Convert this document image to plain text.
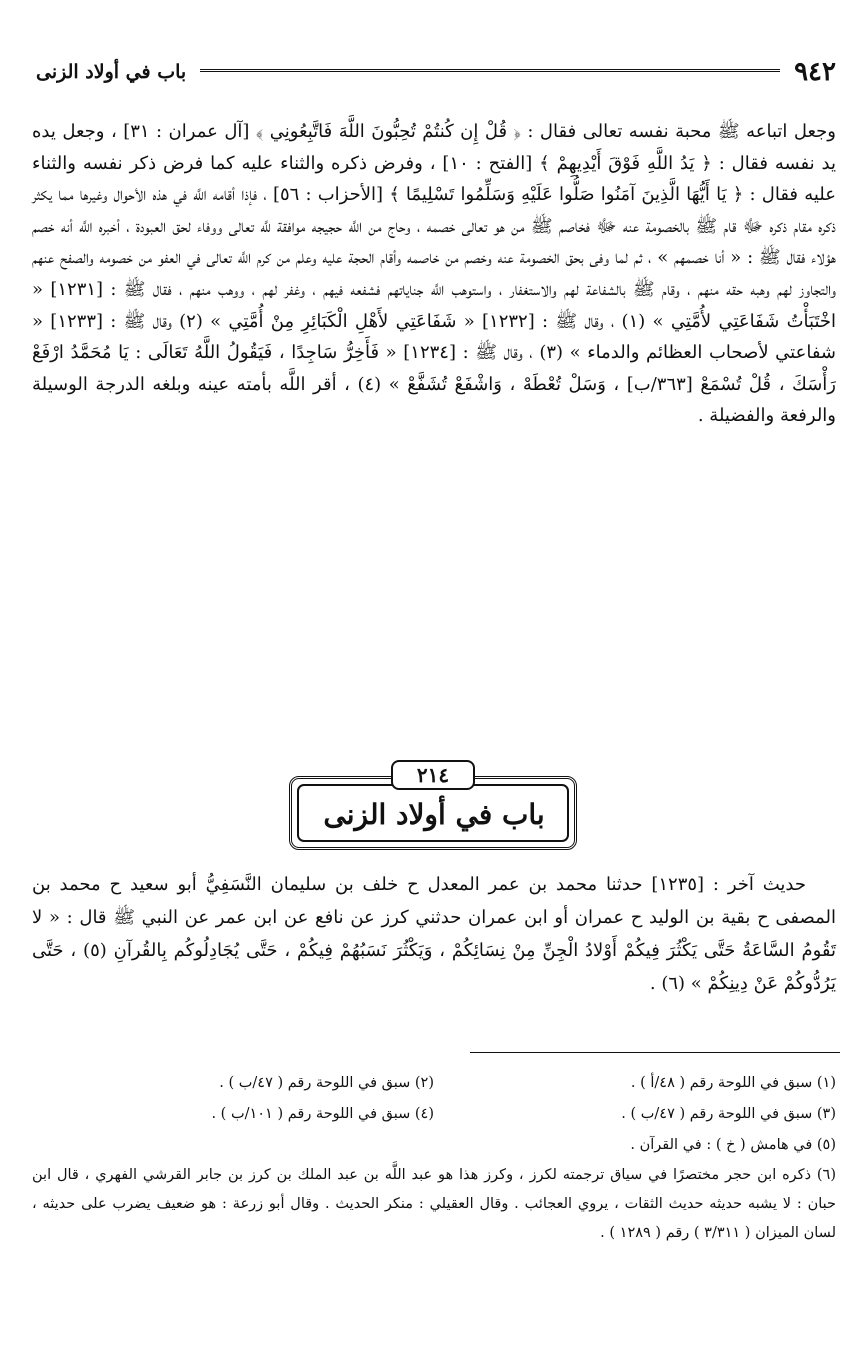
٩٤٢
باب في أولاد الزنى

وجعل اتباعه ﷺ محبة نفسه تعالى فقال : ﴿ قُلْ إِن كُنتُمْ تُحِبُّونَ اللَّهَ فَاتَّبِعُونِي ﴾ [آل عمران : ٣١] ، وجعل يده يد نفسه فقال : ﴿ يَدُ اللَّهِ فَوْقَ أَيْدِيهِمْ ﴾ [الفتح : ١٠] ، وفرض ذكره والثناء عليه كما فرض ذكر نفسه والثناء عليه فقال : ﴿ يَا أَيُّهَا الَّذِينَ آمَنُوا صَلُّوا عَلَيْهِ وَسَلِّمُوا تَسْلِيمًا ﴾ [الأحزاب : ٥٦] ، فإذا أقامه اللَّه في هذه الأحوال وغيرها مما يكثر ذكره مقام ذكره ﷻ قام ﷺ بالخصومة عنه ﷻ فخاصم ﷺ من هو تعالى خصمه ، وحاج من اللَّه حجيجه موافقة للَّه تعالى ووفاء لحق العبودة ، أخبره اللَّه أنه خصم هؤلاء فقال ﷺ : « أنا خصمهم » ، ثم لما وفى بحق الخصومة عنه وخصم من خاصمه وأقام الحجة عليه وعلم من كرم اللَّه تعالى في العفو من خصومه والصفح عنهم والتجاوز لهم وهبه حقه منهم ، وقام ﷺ بالشفاعة لهم والاستغفار ، واستوهب اللَّه جناياتهم فشفعه فيهم ، وغفر لهم ، ووهب منهم ، فقال ﷺ : [١٢٣١] « اخْتَبَأْتُ شَفَاعَتِي لأُمَّتِي » (١) ، وقال ﷺ : [١٢٣٢] « شَفَاعَتِي لأَهْلِ الْكَبَائِرِ مِنْ أُمَّتِي » (٢) وقال ﷺ : [١٢٣٣] « شفاعتي لأصحاب العظائم والدماء » (٣) ، وقال ﷺ : [١٢٣٤] « فَأَخِرُّ سَاجِدًا ، فَيَقُولُ اللَّهُ تَعَالَى : يَا مُحَمَّدُ ارْفَعْ رَأْسَكَ ، قُلْ تُسْمَعْ [٣٦٣/ب] ، وَسَلْ تُعْطَهْ ، وَاشْفَعْ تُشَفَّعْ » (٤) ، أقر اللَّه بأمته عينه وبلغه الدرجة الوسيلة والرفعة والفضيلة .

٢١٤
باب في أولاد الزنى

حديث آخر : [١٢٣٥] حدثنا محمد بن عمر المعدل ح خلف بن سليمان النَّسَفِيُّ أبو سعيد ح محمد بن المصفى ح بقية بن الوليد ح عمران أو ابن عمران حدثني كرز عن نافع عن ابن عمر عن النبي ﷺ قال : « لا تَقُومُ السَّاعَةُ حَتَّى يَكْثُرَ فِيكُمْ أَوْلادُ الْجِنِّ مِنْ نِسَائِكُمْ ، وَيَكْثُرَ نَسَبُهُمْ فِيكُمْ ، حَتَّى يُجَادِلُوكُم بِالقُرآنِ (٥) ، حَتَّى يَرُدُّوكُمْ عَنْ دِينِكُمْ » (٦) .

(١) سبق في اللوحة رقم ( ٤٨/أ ) .
(٢) سبق في اللوحة رقم ( ٤٧/ب ) .
(٣) سبق في اللوحة رقم ( ٤٧/ب ) .
(٤) سبق في اللوحة رقم ( ١٠١/ب ) .
(٥) في هامش ( خ ) : في القرآن .
(٦) ذكره ابن حجر مختصرًا في سياق ترجمته لكرز ، وكرز هذا هو عبد اللَّه بن عبد الملك بن كرز بن جابر القرشي الفهري ، قال ابن حبان : لا يشبه حديثه حديث الثقات ، يروي العجائب . وقال العقيلي : منكر الحديث . وقال أبو زرعة : هو ضعيف يضرب على حديثه ، لسان الميزان ( ٣/٣١١ ) رقم ( ١٢٨٩ ) .
